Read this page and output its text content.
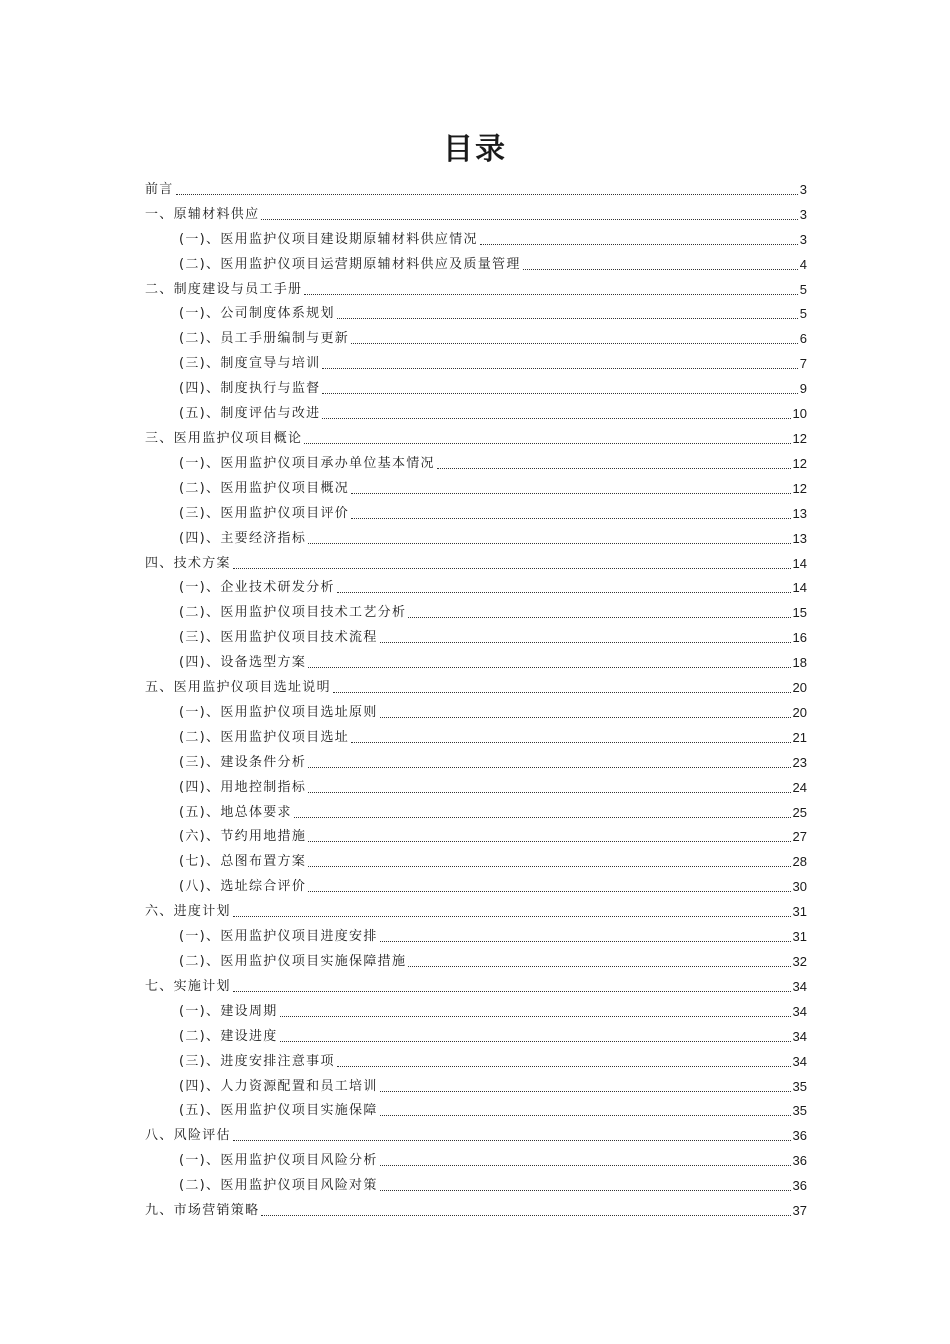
目录
前言	3
一、原辅材料供应	3
(一)、医用监护仪项目建设期原辅材料供应情况	3
(二)、医用监护仪项目运营期原辅材料供应及质量管理	4
二、制度建设与员工手册	5
(一)、公司制度体系规划	5
(二)、员工手册编制与更新	6
(三)、制度宣导与培训	7
(四)、制度执行与监督	9
(五)、制度评估与改进	10
三、医用监护仪项目概论	12
(一)、医用监护仪项目承办单位基本情况	12
(二)、医用监护仪项目概况	12
(三)、医用监护仪项目评价	13
(四)、主要经济指标	13
四、技术方案	14
(一)、企业技术研发分析	14
(二)、医用监护仪项目技术工艺分析	15
(三)、医用监护仪项目技术流程	16
(四)、设备选型方案	18
五、医用监护仪项目选址说明	20
(一)、医用监护仪项目选址原则	20
(二)、医用监护仪项目选址	21
(三)、建设条件分析	23
(四)、用地控制指标	24
(五)、地总体要求	25
(六)、节约用地措施	27
(七)、总图布置方案	28
(八)、选址综合评价	30
六、进度计划	31
(一)、医用监护仪项目进度安排	31
(二)、医用监护仪项目实施保障措施	32
七、实施计划	34
(一)、建设周期	34
(二)、建设进度	34
(三)、进度安排注意事项	34
(四)、人力资源配置和员工培训	35
(五)、医用监护仪项目实施保障	35
八、风险评估	36
(一)、医用监护仪项目风险分析	36
(二)、医用监护仪项目风险对策	36
九、市场营销策略	37
